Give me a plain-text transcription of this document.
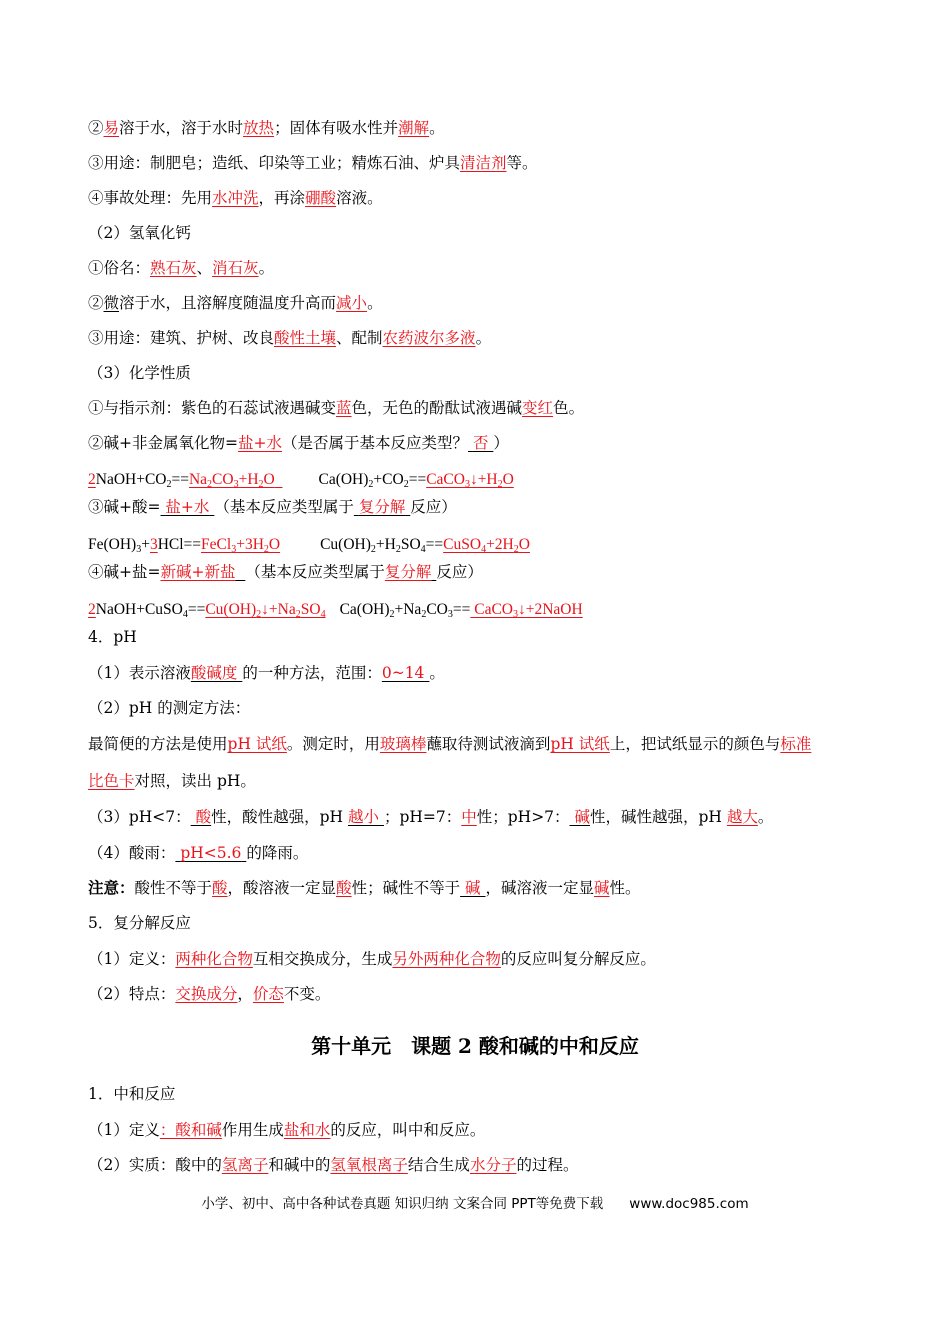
②易溶于水，溶于水时放热；固体有吸水性并潮解。
③用途：制肥皂；造纸、印染等工业；精炼石油、炉具清洁剂等。
④事故处理：先用水冲洗，再涂硼酸溶液。
（2）氢氧化钙
①俗名：熟石灰、消石灰。
②微溶于水，且溶解度随温度升高而减小。
③用途：建筑、护树、改良酸性土壤、配制农药波尔多液。
（3）化学性质
①与指示剂：紫色的石蕊试液遇碱变蓝色，无色的酚酞试液遇碱变红色。
②碱+非金属氧化物=盐+水（是否属于基本反应类型？ 否 ）
$2NaOH+CO_2==Na_2CO_3+H_2O$	$Ca(OH)_2+CO_2==CaCO_3↓+H_2O$
③碱+酸= 盐+水 （基本反应类型属于 复分解 反应）
$Fe(OH)_3+3HCl==FeCl_3+3H_2O$	$Cu(OH)_2+H_2SO_4==CuSO_4+2H_2O$
④碱+盐=新碱+新盐 （基本反应类型属于复分解 反应）
$2NaOH+CuSO_4==Cu(OH)_2↓+Na_2SO_4$ $Ca(OH)_2+Na_2CO_3==$ CaCO$_3$↓+2NaOH
4．pH
（1）表示溶液酸碱度 的一种方法，范围：0~14 。
（2）pH 的测定方法：
最简便的方法是使用pH 试纸。测定时，用玻璃棒蘸取待测试液滴到pH 试纸上，把试纸显示的颜色与标准
比色卡对照，读出 pH。
（3）pH<7： 酸性，酸性越强，pH 越小 ；pH=7：中性；pH>7： 碱性，碱性越强，pH 越大。
（4）酸雨： pH<5.6 的降雨。
注意：酸性不等于酸，酸溶液一定显酸性；碱性不等于 碱 ，碱溶液一定显碱性。
5．复分解反应
（1）定义：两种化合物互相交换成分，生成另外两种化合物的反应叫复分解反应。
（2）特点：交换成分，价态不变。
第十单元　课题 2 酸和碱的中和反应
1．中和反应
（1）定义：酸和碱作用生成盐和水的反应，叫中和反应。
（2）实质：酸中的氢离子和碱中的氢氧根离子结合生成水分子的过程。
小学、初中、高中各种试卷真题 知识归纳 文案合同 PPT等免费下载 www.doc985.com
